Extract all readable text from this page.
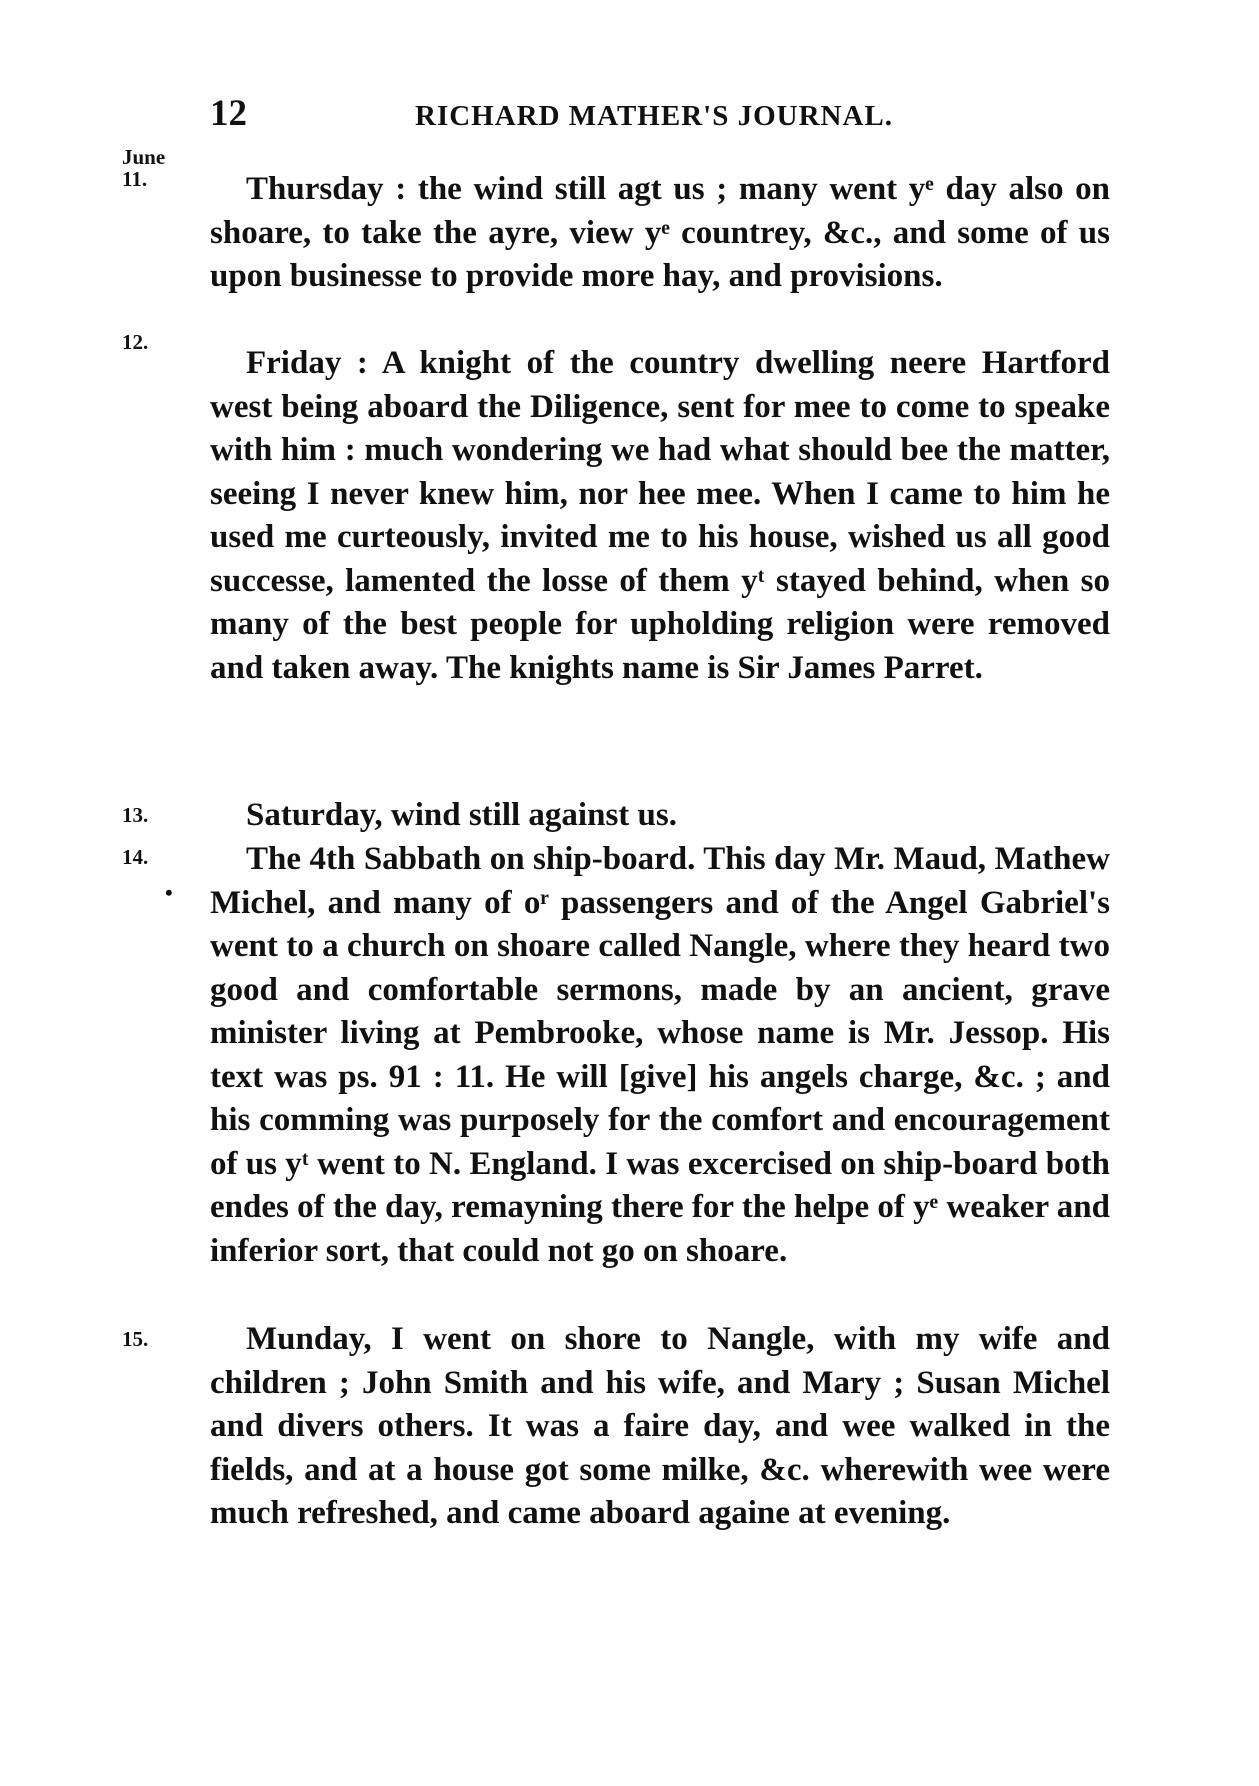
12	RICHARD MATHER'S JOURNAL.
June
11.
12.
13.
14.
•
15.

Thursday : the wind still agt us ; many went yᵉ day also on shoare, to take the ayre, view yᵉ countrey, &c., and some of us upon businesse to provide more hay, and provisions.

Friday : A knight of the country dwelling neere Hartford west being aboard the Diligence, sent for mee to come to speake with him : much wondering we had what should bee the matter, seeing I never knew him, nor hee mee. When I came to him he used me curteously, invited me to his house, wished us all good successe, lamented the losse of them yᵗ stayed behind, when so many of the best people for upholding religion were removed and taken away. The knights name is Sir James Parret.

Saturday, wind still against us.

The 4th Sabbath on ship-board. This day Mr. Maud, Mathew Michel, and many of oʳ passengers and of the Angel Gabriel's went to a church on shoare called Nangle, where they heard two good and comfortable sermons, made by an ancient, grave minister living at Pembrooke, whose name is Mr. Jessop. His text was ps. 91 : 11. He will [give] his angels charge, &c. ; and his comming was purposely for the comfort and encouragement of us yᵗ went to N. England. I was excercised on ship-board both endes of the day, remayning there for the helpe of yᵉ weaker and inferior sort, that could not go on shoare.

Munday, I went on shore to Nangle, with my wife and children ; John Smith and his wife, and Mary ; Susan Michel and divers others. It was a faire day, and wee walked in the fields, and at a house got some milke, &c. wherewith wee were much refreshed, and came aboard againe at evening.
